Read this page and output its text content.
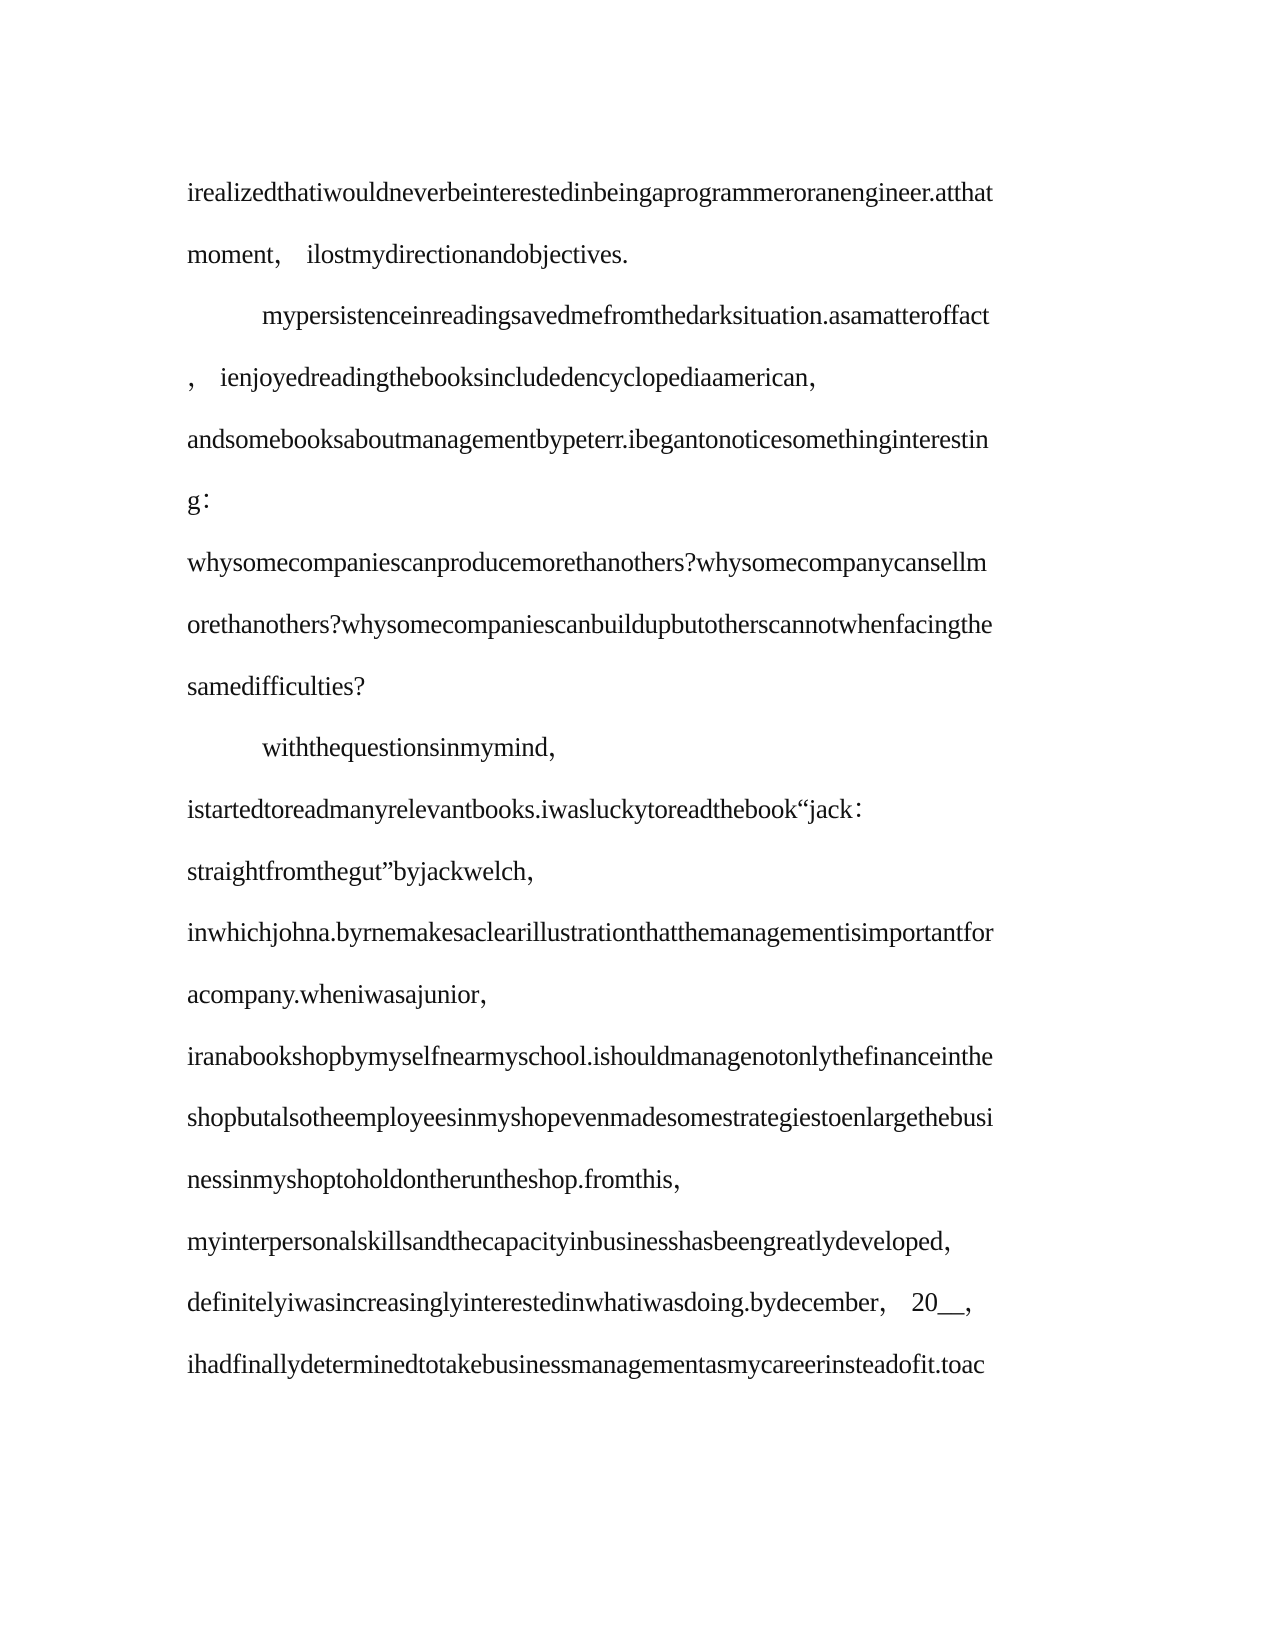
irealizedthatiwouldneverbeinterestedinbeingaprogrammeroranengineer.atthat
moment， ilostmydirectionandobjectives.
mypersistenceinreadingsavedmefromthedarksituation.asamatteroffact
， ienjoyedreadingthebooksincludedencyclopediaamerican，
andsomebooksaboutmanagementbypeterr.ibegantonoticesomethinginterestin
g：
whysomecompaniescanproducemorethanothers?whysomecompanycansellm
orethanothers?whysomecompaniescanbuildupbutotherscannotwhenfacingthe
samedifficulties?
withthequestionsinmymind，
istartedtoreadmanyrelevantbooks.iwasluckytoreadthebook“jack：
straightfromthegut”byjackwelch，
inwhichjohna.byrnemakesaclearillustrationthatthemanagementisimportantfor
acompany.wheniwasajunior，
iranabookshopbymyselfnearmyschool.ishouldmanagenotonlythefinanceinthe
shopbutalsotheemployeesinmyshopevenmadesomestrategiestoenlargethebusi
nessinmyshoptoholdontheruntheshop.fromthis，
myinterpersonalskillsandthecapacityinbusinesshasbeengreatlydeveloped，
definitelyiwasincreasinglyinterestedinwhatiwasdoing.bydecember， 20__，
ihadfinallydeterminedtotakebusinessmanagementasmycareerinsteadofit.toac
